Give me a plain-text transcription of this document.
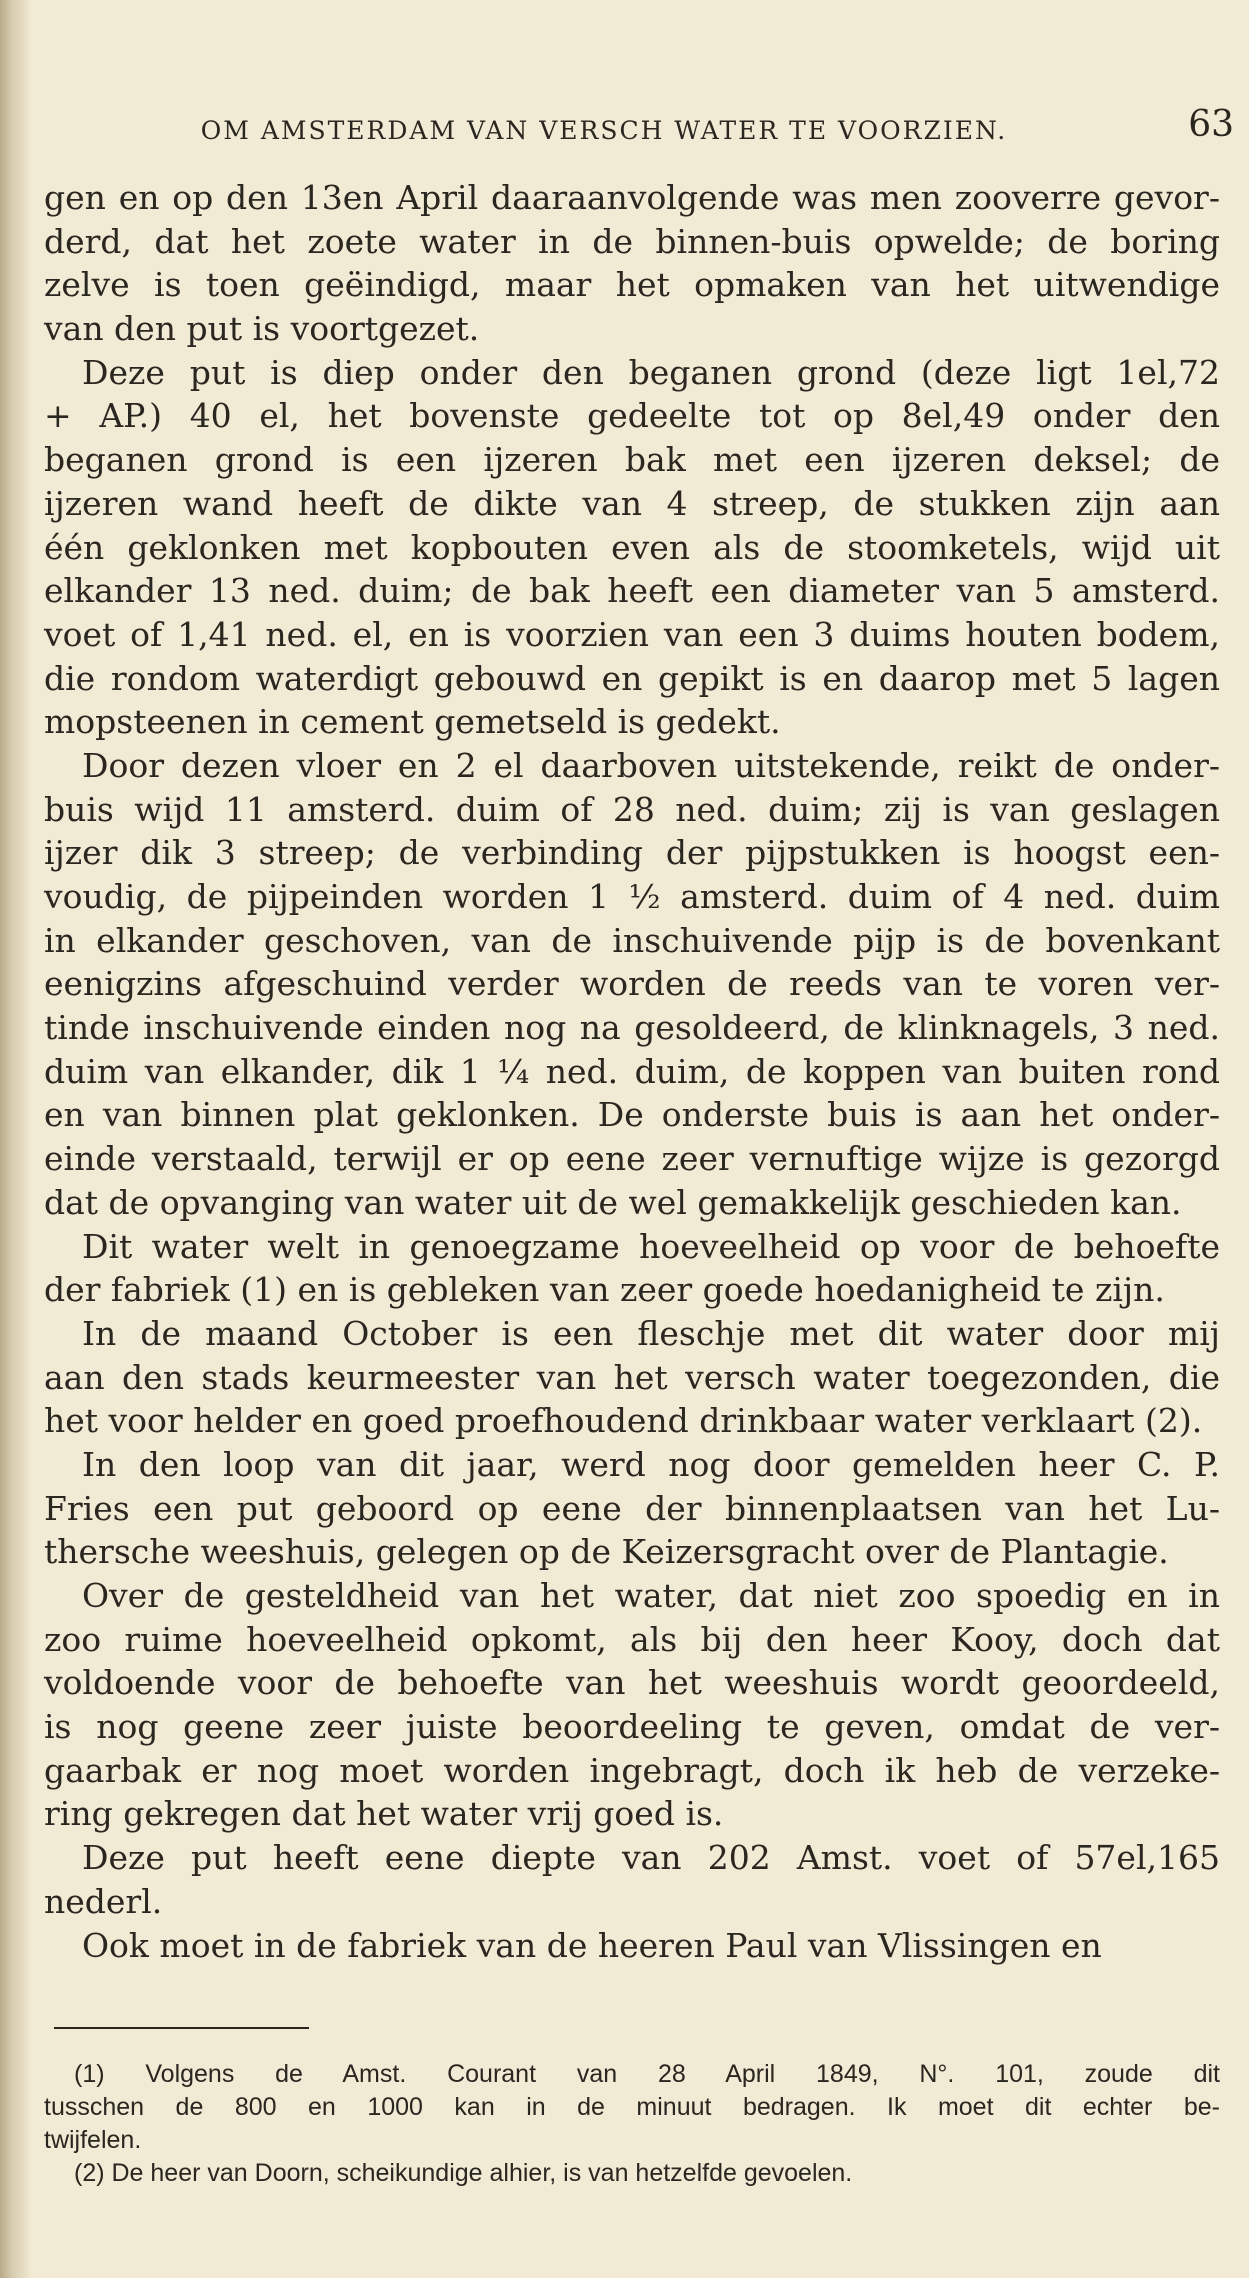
OM AMSTERDAM VAN VERSCH WATER TE VOORZIEN.	63
gen en op den 13en April daaraanvolgende was men zooverre gevor-
derd, dat het zoete water in de binnen-buis opwelde; de boring
zelve is toen geëindigd, maar het opmaken van het uitwendige
van den put is voortgezet.
Deze put is diep onder den beganen grond (deze ligt 1el,72
+ AP.) 40 el, het bovenste gedeelte tot op 8el,49 onder den
beganen grond is een ijzeren bak met een ijzeren deksel; de
ijzeren wand heeft de dikte van 4 streep, de stukken zijn aan
één geklonken met kopbouten even als de stoomketels, wijd uit
elkander 13 ned. duim; de bak heeft een diameter van 5 amsterd.
voet of 1,41 ned. el, en is voorzien van een 3 duims houten bodem,
die rondom waterdigt gebouwd en gepikt is en daarop met 5 lagen
mopsteenen in cement gemetseld is gedekt.
Door dezen vloer en 2 el daarboven uitstekende, reikt de onder-
buis wijd 11 amsterd. duim of 28 ned. duim; zij is van geslagen
ijzer dik 3 streep; de verbinding der pijpstukken is hoogst een-
voudig, de pijpeinden worden 1 ½ amsterd. duim of 4 ned. duim
in elkander geschoven, van de inschuivende pijp is de bovenkant
eenigzins afgeschuind verder worden de reeds van te voren ver-
tinde inschuivende einden nog na gesoldeerd, de klinknagels, 3 ned.
duim van elkander, dik 1 ¼ ned. duim, de koppen van buiten rond
en van binnen plat geklonken. De onderste buis is aan het onder-
einde verstaald, terwijl er op eene zeer vernuftige wijze is gezorgd
dat de opvanging van water uit de wel gemakkelijk geschieden kan.
Dit water welt in genoegzame hoeveelheid op voor de behoefte
der fabriek (1) en is gebleken van zeer goede hoedanigheid te zijn.
In de maand October is een fleschje met dit water door mij
aan den stads keurmeester van het versch water toegezonden, die
het voor helder en goed proefhoudend drinkbaar water verklaart (2).
In den loop van dit jaar, werd nog door gemelden heer C. P.
Fries een put geboord op eene der binnenplaatsen van het Lu-
thersche weeshuis, gelegen op de Keizersgracht over de Plantagie.
Over de gesteldheid van het water, dat niet zoo spoedig en in
zoo ruime hoeveelheid opkomt, als bij den heer Kooy, doch dat
voldoende voor de behoefte van het weeshuis wordt geoordeeld,
is nog geene zeer juiste beoordeeling te geven, omdat de ver-
gaarbak er nog moet worden ingebragt, doch ik heb de verzeke-
ring gekregen dat het water vrij goed is.
Deze put heeft eene diepte van 202 Amst. voet of 57el,165
nederl.
Ook moet in de fabriek van de heeren Paul van Vlissingen en
(1) Volgens de Amst. Courant van 28 April 1849, N°. 101, zoude dit
tusschen de 800 en 1000 kan in de minuut bedragen. Ik moet dit echter be-
twijfelen.
(2) De heer van Doorn, scheikundige alhier, is van hetzelfde gevoelen.
